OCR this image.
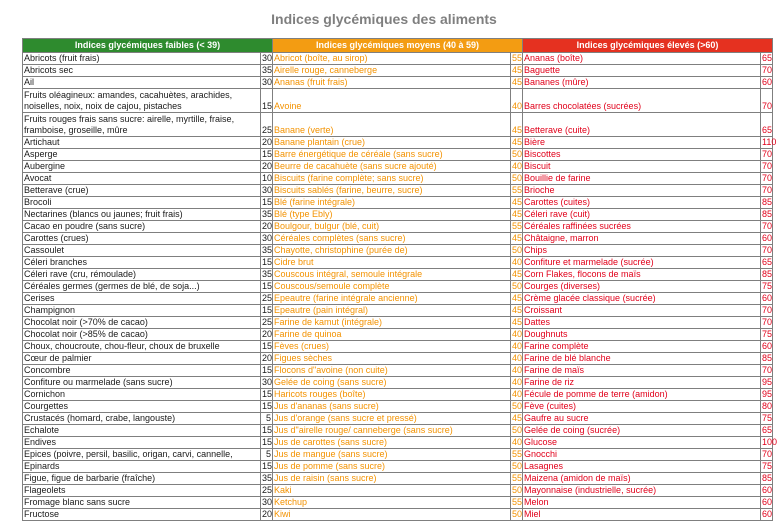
Indices glycémiques des aliments
Indices glycémiques faibles (< 39)		Indices glycémiques moyens (40 à 59)		Indices glycémiques élevés (>60)	
Abricots (fruit frais)	30	Abricot (boîte, au sirop)	55	Ananas (boîte)	65
Abricots sec	35	Airelle rouge, canneberge	45	Baguette	70
Ail	30	Ananas (fruit frais)	45	Bananes (mûre)	60
Fruits oléagineux: amandes, cacahuètes, arachides, noiselles, noix, noix de cajou, pistaches	15	Avoine	40	Barres chocolatées (sucrées)	70
Fruits rouges frais sans sucre: airelle, myrtille, fraise, framboise, groseille, mûre	25	Banane (verte)	45	Betterave (cuite)	65
Artichaut	20	Banane plantain (crue)	45	Bière	110
Asperge	15	Barre énergétique de céréale (sans sucre)	50	Biscottes	70
Aubergine	20	Beurre de cacahuète (sans sucre ajouté)	40	Biscuit	70
Avocat	10	Biscuits (farine complète; sans sucre)	50	Bouillie de farine	70
Betterave (crue)	30	Biscuits sablés (farine, beurre, sucre)	55	Brioche	70
Brocoli	15	Blé (farine intégrale)	45	Carottes (cuites)	85
Nectarines (blancs ou jaunes; fruit frais)	35	Blé (type Ebly)	45	Céleri rave (cuit)	85
Cacao en poudre (sans sucre)	20	Boulgour, bulgur (blé, cuit)	55	Céréales raffinées sucrées	70
Carottes (crues)	30	Céréales complètes (sans sucre)	45	Châtaigne, marron	60
Cassoulet	35	Chayotte, christophine (purée de)	50	Chips	70
Céleri branches	15	Cidre brut	40	Confiture et marmelade (sucrée)	65
Céleri rave (cru, rémoulade)	35	Couscous intégral, semoule intégrale	45	Corn Flakes, flocons de maïs	85
Céréales germes (germes de blé, de soja...)	15	Couscous/semoule complète	50	Courges (diverses)	75
Cerises	25	Epeautre (farine intégrale ancienne)	45	Crème glacée classique (sucrée)	60
Champignon	15	Epeautre (pain intégral)	45	Croissant	70
Chocolat noir (>70% de cacao)	25	Farine de kamut (intégrale)	45	Dattes	70
Chocolat noir (>85% de cacao)	20	Farine de quinoa	40	Doughnuts	75
Choux, choucroute, chou-fleur, choux de bruxelle	15	Fèves (crues)	40	Farine complète	60
Cœur de palmier	20	Figues sèches	40	Farine de blé blanche	85
Concombre	15	Flocons d"avoine (non cuite)	40	Farine de maïs	70
Confiture ou marmelade (sans sucre)	30	Gelée de coing (sans sucre)	40	Farine de riz	95
Cornichon	15	Haricots rouges (boîte)	40	Fécule de pomme de terre (amidon)	95
Courgettes	15	Jus d'ananas (sans sucre)	50	Fève (cuites)	80
Crustacés (homard, crabe, langouste)	5	Jus d'orange (sans sucre et pressé)	45	Gaufre au sucre	75
Echalote	15	Jus d"airelle rouge/ canneberge (sans sucre)	50	Gelée de coing (sucrée)	65
Endives	15	Jus de carottes (sans sucre)	40	Glucose	100
Epices (poivre, persil, basilic, origan, carvi, cannelle,	5	Jus de mangue (sans sucre)	55	Gnocchi	70
Epinards	15	Jus de pomme (sans sucre)	50	Lasagnes	75
Figue, figue de barbarie (fraîche)	35	Jus de raisin (sans sucre)	55	Maizena (amidon de maïs)	85
Flageolets	25	Kaki	50	Mayonnaise (industrielle, sucrée)	60
Fromage blanc sans sucre	30	Ketchup	55	Melon	60
Fructose	20	Kiwi	50	Miel	60
